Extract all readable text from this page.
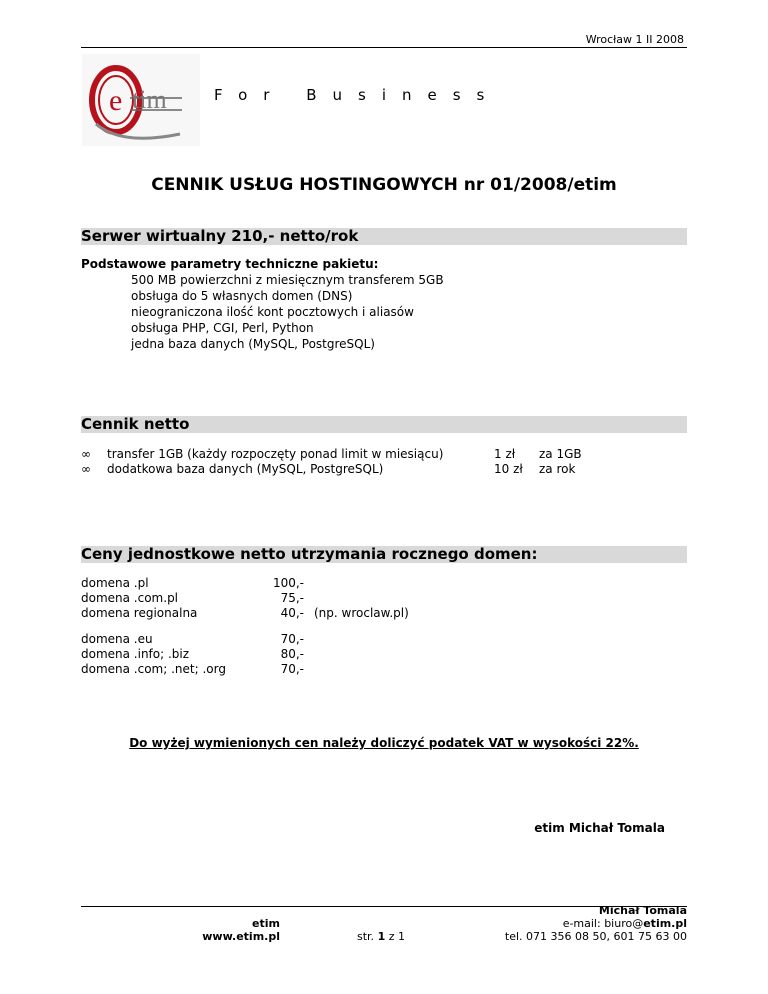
Wrocław 1 II 2008
e tim	For Business
CENNIK USŁUG HOSTINGOWYCH nr 01/2008/etim
Serwer wirtualny 210,- netto/rok
Podstawowe parametry techniczne pakietu:
500 MB powierzchni z miesięcznym transferem 5GB
obsługa do 5 własnych domen (DNS)
nieograniczona ilość kont pocztowych i aliasów
obsługa PHP, CGI, Perl, Python
jedna baza danych (MySQL, PostgreSQL)
Cennik netto
∞ transfer 1GB (każdy rozpoczęty ponad limit w miesiącu)	1 zł za 1GB
∞ dodatkowa baza danych (MySQL, PostgreSQL)	10 zł za rok
Ceny jednostkowe netto utrzymania rocznego domen:
domena .pl	100,-
domena .com.pl	75,-
domena regionalna	40,- (np. wroclaw.pl)
domena .eu	70,-
domena .info; .biz	80,-
domena .com; .net; .org	70,-
Do wyżej wymienionych cen należy doliczyć podatek VAT w wysokości 22%.
etim Michał Tomala
etim
www.etim.pl	str. 1 z 1
Michał Tomala
e-mail: biuro@etim.pl
tel. 071 356 08 50, 601 75 63 00
